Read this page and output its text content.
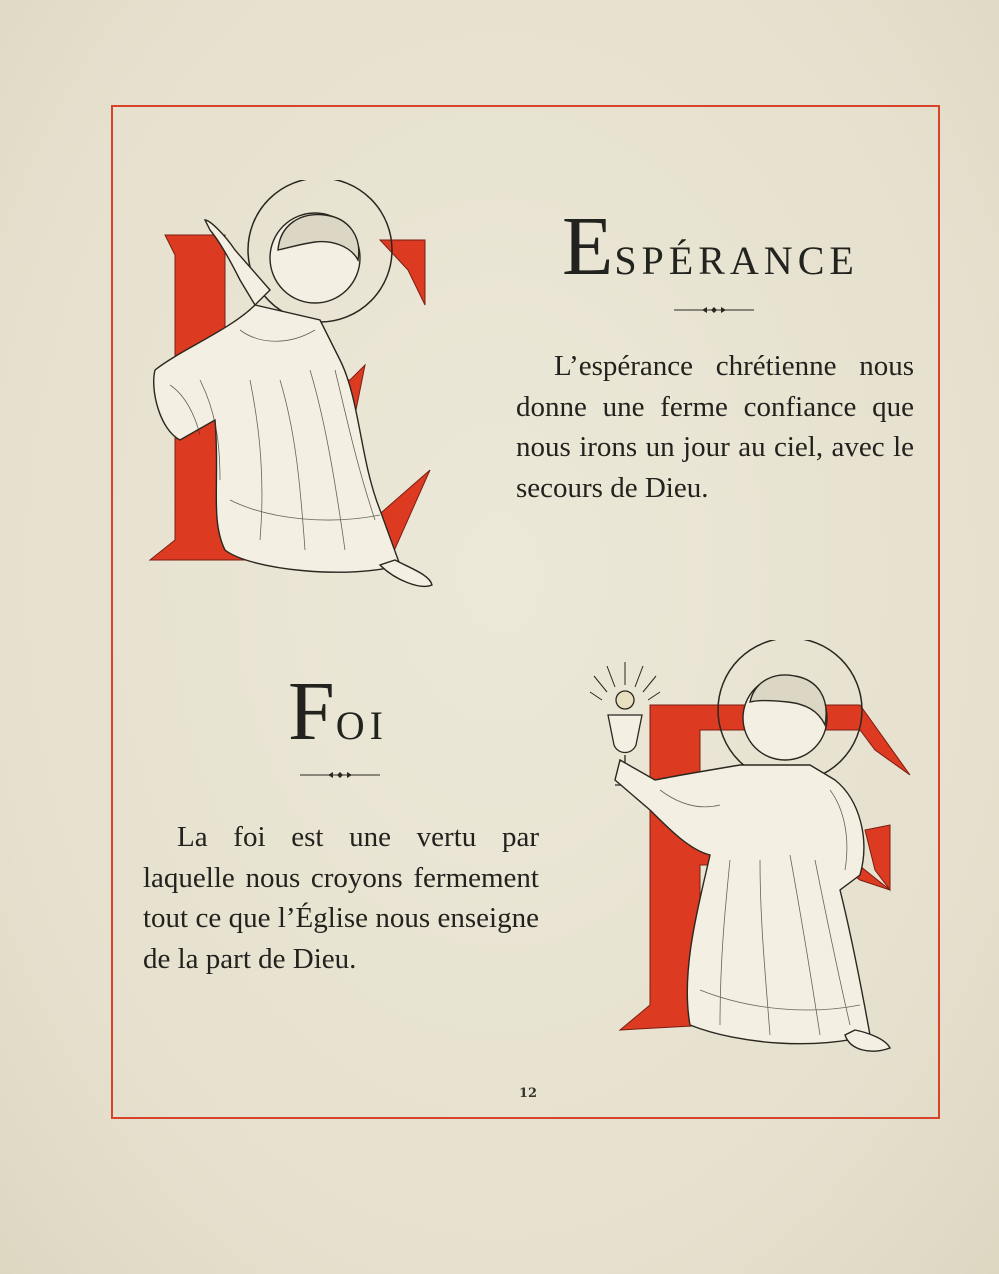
ESPÉRANCE
L’espérance chrétienne nous donne une ferme confiance que nous irons un jour au ciel, avec le secours de Dieu.
FOI
La foi est une vertu par laquelle nous croyons fermement tout ce que l’Église nous enseigne de la part de Dieu.
12
